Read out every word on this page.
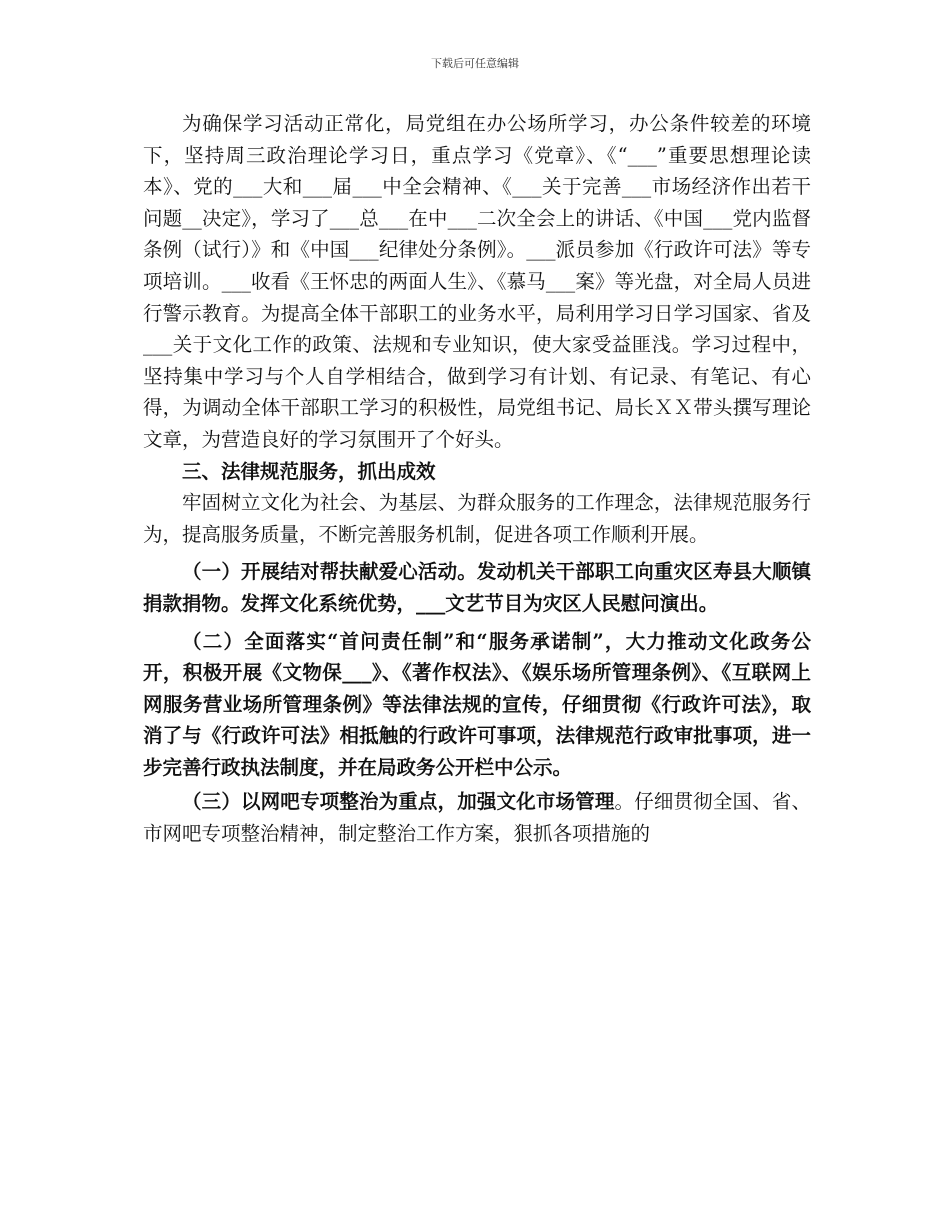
下载后可任意编辑

为确保学习活动正常化，局党组在办公场所学习，办公条件较差的环境下，坚持周三政治理论学习日，重点学习《党章》、《“___”重要思想理论读本》、党的___大和___届___中全会精神、《___关于完善___市场经济作出若干问题__决定》，学习了___总___在中___二次全会上的讲话、《中国___党内监督条例（试行）》和《中国___纪律处分条例》。___派员参加《行政许可法》等专项培训。___收看《王怀忠的两面人生》、《慕马___案》等光盘，对全局人员进行警示教育。为提高全体干部职工的业务水平，局利用学习日学习国家、省及___关于文化工作的政策、法规和专业知识，使大家受益匪浅。学习过程中，坚持集中学习与个人自学相结合，做到学习有计划、有记录、有笔记、有心得，为调动全体干部职工学习的积极性，局党组书记、局长ＸＸ带头撰写理论文章，为营造良好的学习氛围开了个好头。

三、法律规范服务，抓出成效

牢固树立文化为社会、为基层、为群众服务的工作理念，法律规范服务行为，提高服务质量，不断完善服务机制，促进各项工作顺利开展。

（一）开展结对帮扶献爱心活动。发动机关干部职工向重灾区寿县大顺镇捐款捐物。发挥文化系统优势，___文艺节目为灾区人民慰问演出。

（二）全面落实“首问责任制”和“服务承诺制”，大力推动文化政务公开，积极开展《文物保___》、《著作权法》、《娱乐场所管理条例》、《互联网上网服务营业场所管理条例》等法律法规的宣传，仔细贯彻《行政许可法》，取消了与《行政许可法》相抵触的行政许可事项，法律规范行政审批事项，进一步完善行政执法制度，并在局政务公开栏中公示。

（三）以网吧专项整治为重点，加强文化市场管理。仔细贯彻全国、省、市网吧专项整治精神，制定整治工作方案，狠抓各项措施的
